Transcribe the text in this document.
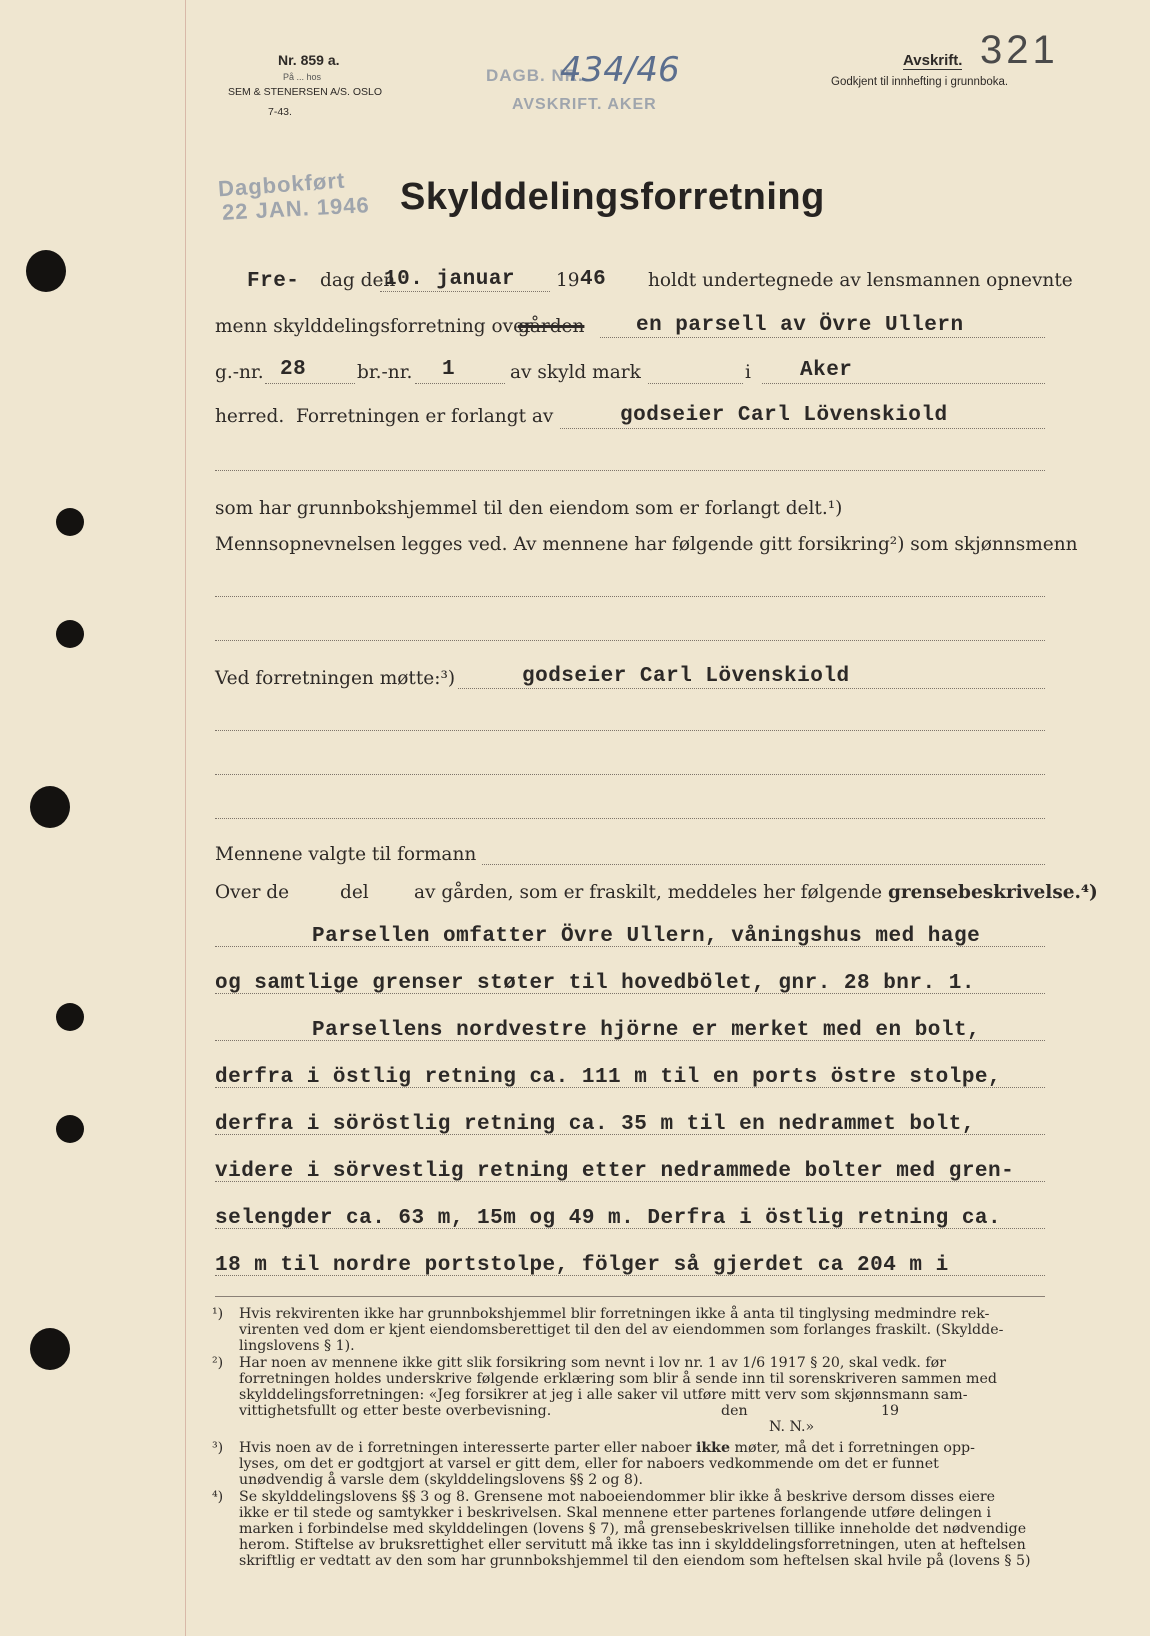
Nr. 859 a.
På ... hos
SEM & STENERSEN A/S. OSLO
7-43.
DAGB. NR.
434/46
AVSKRIFT. AKER
Avskrift.
Godkjent til innhefting i grunnboka.
321
Dagbokført
22 JAN. 1946 Skylddelingsforretning
Fre- dag den
10. januar 19 46 holdt undertegnede av lensmannen opnevnte
menn skylddelingsforretning over
gården en parsell av Övre Ullern
g.-nr. 28	br.-nr. 1	av skyld mark	i Aker
herred. Forretningen er forlangt av	godseier Carl Lövenskiold
som har grunnbokshjemmel til den eiendom som er forlangt delt.¹)
Mennsopnevnelsen legges ved. Av mennene har følgende gitt forsikring²) som skjønnsmenn
Ved forretningen møtte:³)	godseier Carl Lövenskiold
Mennene valgte til formann
Over de	del av gården, som er fraskilt, meddeles her følgende grensebeskrivelse.⁴)
Parsellen omfatter Övre Ullern, våningshus med hage
og samtlige grenser støter til hovedbölet, gnr. 28 bnr. 1.
Parsellens nordvestre hjörne er merket med en bolt,
derfra i östlig retning ca. 111 m til en ports östre stolpe,
derfra i söröstlig retning ca. 35 m til en nedrammet bolt,
videre i sörvestlig retning etter nedrammede bolter med gren-
selengder ca. 63 m, 15m og 49 m. Derfra i östlig retning ca.
18 m til nordre portstolpe, fölger så gjerdet ca 204 m i
¹) Hvis rekvirenten ikke har grunnbokshjemmel blir forretningen ikke å anta til tinglysing medmindre rek-
virenten ved dom er kjent eiendomsberettiget til den del av eiendommen som forlanges fraskilt. (Skyldde-
lingslovens § 1).
²) Har noen av mennene ikke gitt slik forsikring som nevnt i lov nr. 1 av 1/6 1917 § 20, skal vedk. før
forretningen holdes underskrive følgende erklæring som blir å sende inn til sorenskriveren sammen med
skylddelingsforretningen: «Jeg forsikrer at jeg i alle saker vil utføre mitt verv som skjønnsmann sam-
vittighetsfullt og etter beste overbevisning.	den	19
N. N.»
³) Hvis noen av de i forretningen interesserte parter eller naboer ikke møter, må det i forretningen opp-
lyses, om det er godtgjort at varsel er gitt dem, eller for naboers vedkommende om det er funnet
unødvendig å varsle dem (skylddelingslovens §§ 2 og 8).
⁴) Se skylddelingslovens §§ 3 og 8. Grensene mot naboeiendommer blir ikke å beskrive dersom disses eiere
ikke er til stede og samtykker i beskrivelsen. Skal mennene etter partenes forlangende utføre delingen i
marken i forbindelse med skylddelingen (lovens § 7), må grensebeskrivelsen tillike inneholde det nødvendige
herom. Stiftelse av bruksrettighet eller servitutt må ikke tas inn i skylddelingsforretningen, uten at heftelsen
skriftlig er vedtatt av den som har grunnbokshjemmel til den eiendom som heftelsen skal hvile på (lovens § 5)
